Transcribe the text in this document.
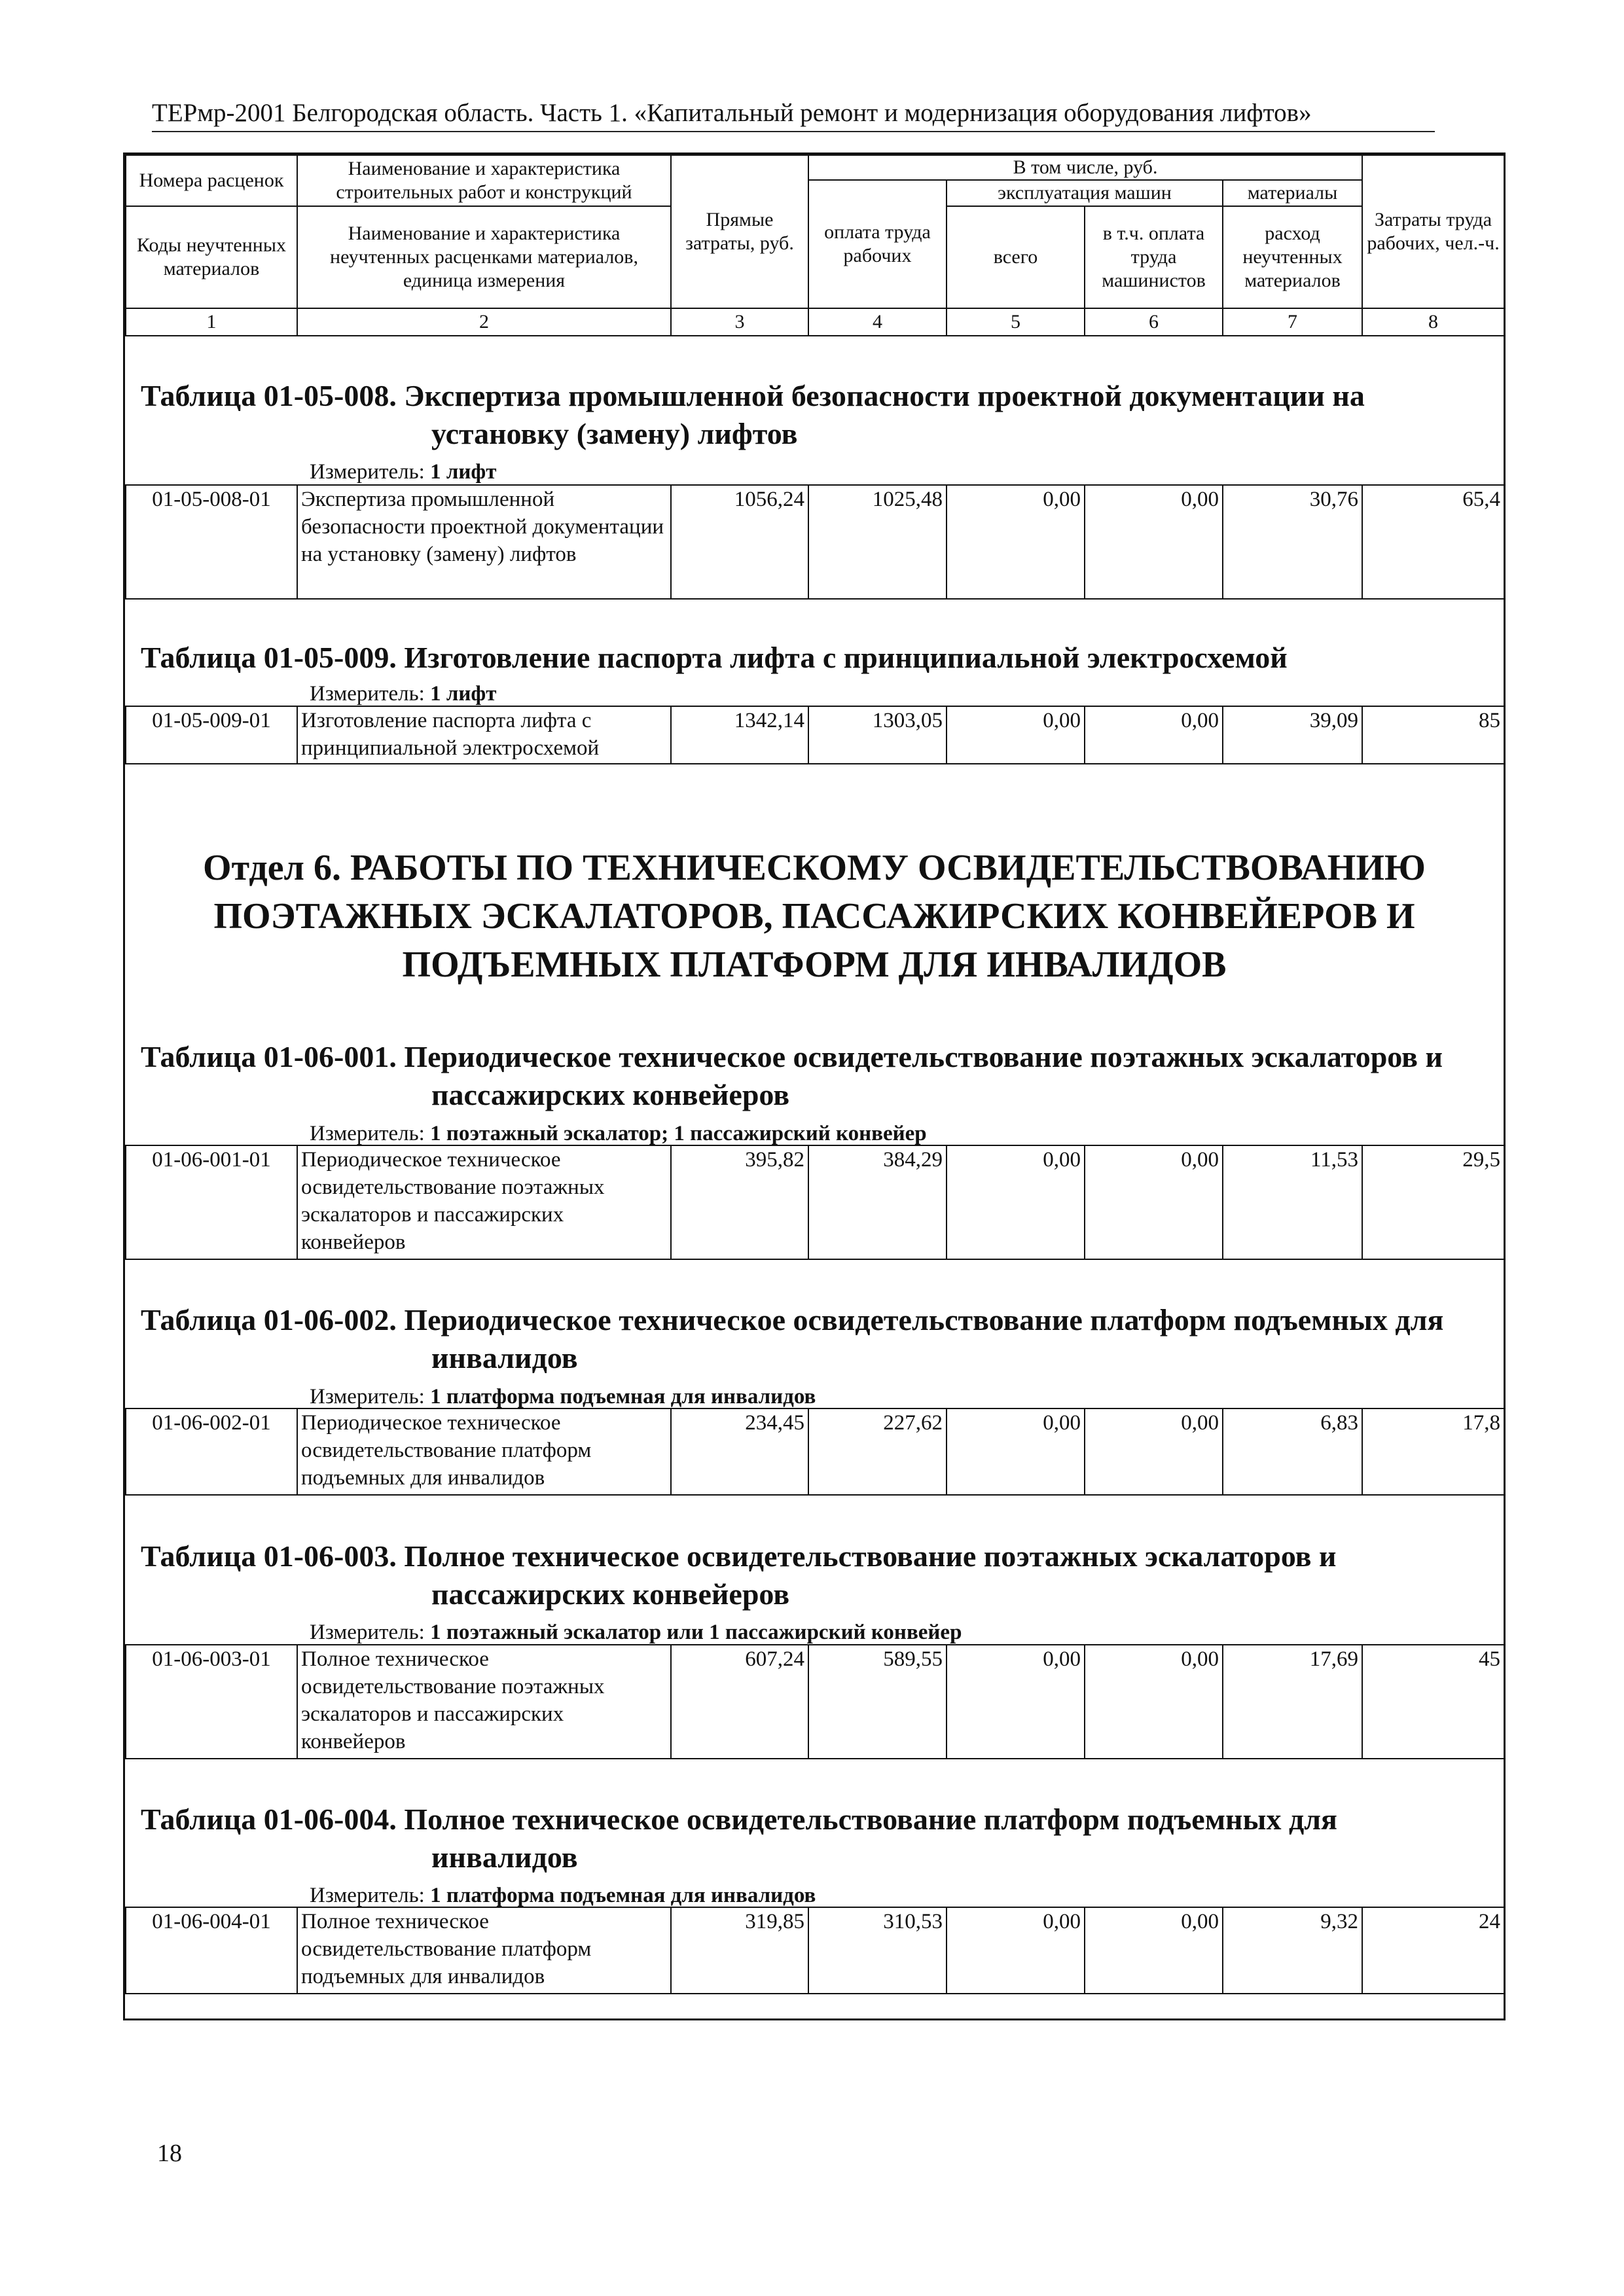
ТЕРмр-2001 Белгородская область. Часть 1. «Капитальный ремонт и модернизация оборудования лифтов»
Номера расценок	Наименование и характеристика строительных работ и конструкций	Прямые затраты, руб.	В том числе, руб.				Затраты труда рабочих, чел.-ч.
			оплата труда рабочих	эксплуатация машин		материалы	
Коды неучтенных материалов	Наименование и характеристика неучтенных расценками материалов, единица измерения			всего	в т.ч. оплата труда машинистов	расход неучтенных материалов	

1	2	3	4	5	6	7	8
Таблица 01-05-008. Экспертиза промышленной безопасности проектной документации на установку (замену) лифтов
Измеритель: 1 лифт
01-05-008-01	Экспертиза промышленной безопасности проектной документации на установку (замену) лифтов	1056,24	1025,48	0,00	0,00	30,76	65,4
Таблица 01-05-009. Изготовление паспорта лифта с принципиальной электросхемой
Измеритель: 1 лифт
01-05-009-01	Изготовление паспорта лифта с принципиальной электросхемой	1342,14	1303,05	0,00	0,00	39,09	85
Отдел 6. РАБОТЫ ПО ТЕХНИЧЕСКОМУ ОСВИДЕТЕЛЬСТВОВАНИЮ ПОЭТАЖНЫХ ЭСКАЛАТОРОВ, ПАССАЖИРСКИХ КОНВЕЙЕРОВ И ПОДЪЕМНЫХ ПЛАТФОРМ ДЛЯ ИНВАЛИДОВ
Таблица 01-06-001. Периодическое техническое освидетельствование поэтажных эскалаторов и пассажирских конвейеров
Измеритель: 1 поэтажный эскалатор; 1 пассажирский конвейер
01-06-001-01	Периодическое техническое освидетельствование поэтажных эскалаторов и пассажирских конвейеров	395,82	384,29	0,00	0,00	11,53	29,5
Таблица 01-06-002. Периодическое техническое освидетельствование платформ подъемных для инвалидов
Измеритель: 1 платформа подъемная для инвалидов
01-06-002-01	Периодическое техническое освидетельствование платформ подъемных для инвалидов	234,45	227,62	0,00	0,00	6,83	17,8
Таблица 01-06-003. Полное техническое освидетельствование поэтажных эскалаторов и пассажирских конвейеров
Измеритель: 1 поэтажный эскалатор или 1 пассажирский конвейер
01-06-003-01	Полное техническое освидетельствование поэтажных эскалаторов и пассажирских конвейеров	607,24	589,55	0,00	0,00	17,69	45
Таблица 01-06-004. Полное техническое освидетельствование платформ подъемных для инвалидов
Измеритель: 1 платформа подъемная для инвалидов
01-06-004-01	Полное техническое освидетельствование платформ подъемных для инвалидов	319,85	310,53	0,00	0,00	9,32	24
18
